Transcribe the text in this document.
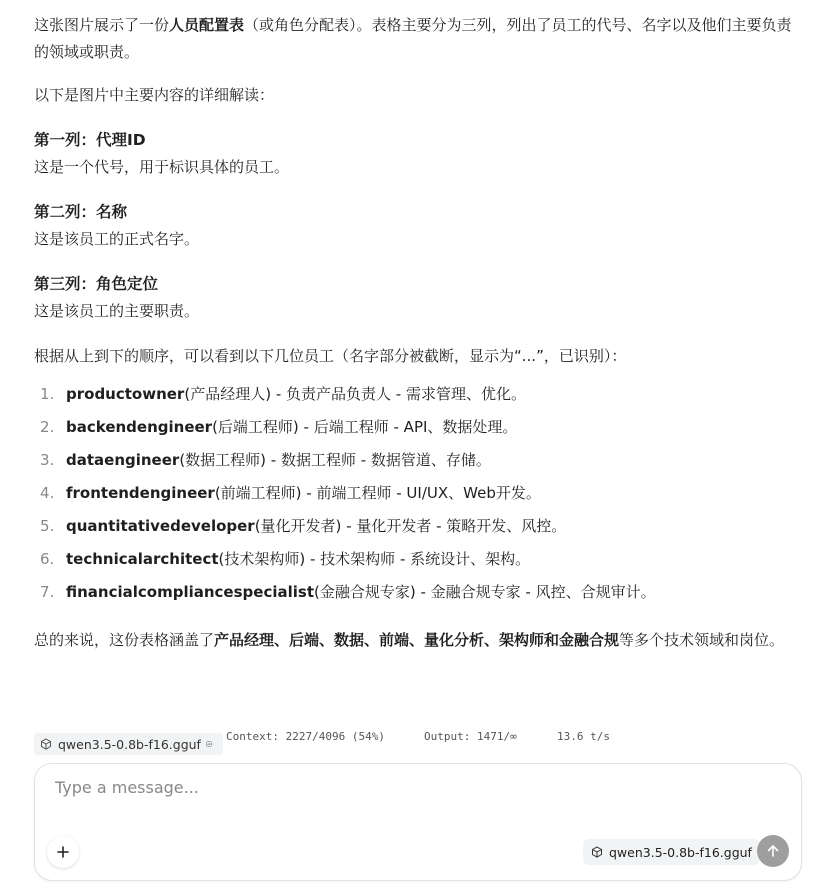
这张图片展示了一份人员配置表（或角色分配表）。表格主要分为三列，列出了员工的代号、名字以及他们主要负责的领域或职责。

以下是图片中主要内容的详细解读：

第一列：代理ID
这是一个代号，用于标识具体的员工。
第二列：名称
这是该员工的正式名字。
第三列：角色定位
这是该员工的主要职责。

根据从上到下的顺序，可以看到以下几位员工（名字部分被截断，显示为“...”，已识别）：

1. productowner (产品经理人) - 负责产品负责人 - 需求管理、优化。
2. backendengineer (后端工程师) - 后端工程师 - API、数据处理。
3. dataengineer (数据工程师) - 数据工程师 - 数据管道、存储。
4. frontendengineer (前端工程师) - 前端工程师 - UI/UX、Web开发。
5. quantitativedeveloper (量化开发者) - 量化开发者 - 策略开发、风控。
6. technicalarchitect (技术架构师) - 技术架构师 - 系统设计、架构。
7. financialcompliancespecialist (金融合规专家) - 金融合规专家 - 风控、合规审计。

总的来说，这份表格涵盖了产品经理、后端、数据、前端、量化分析、架构师和金融合规等多个技术领域和岗位。

qwen3.5-0.8b-f16.gguf Context: 2227/4096 (54%)	Output: 1471/∞	13.6 t/s
Type a message...
qwen3.5-0.8b-f16.gguf
